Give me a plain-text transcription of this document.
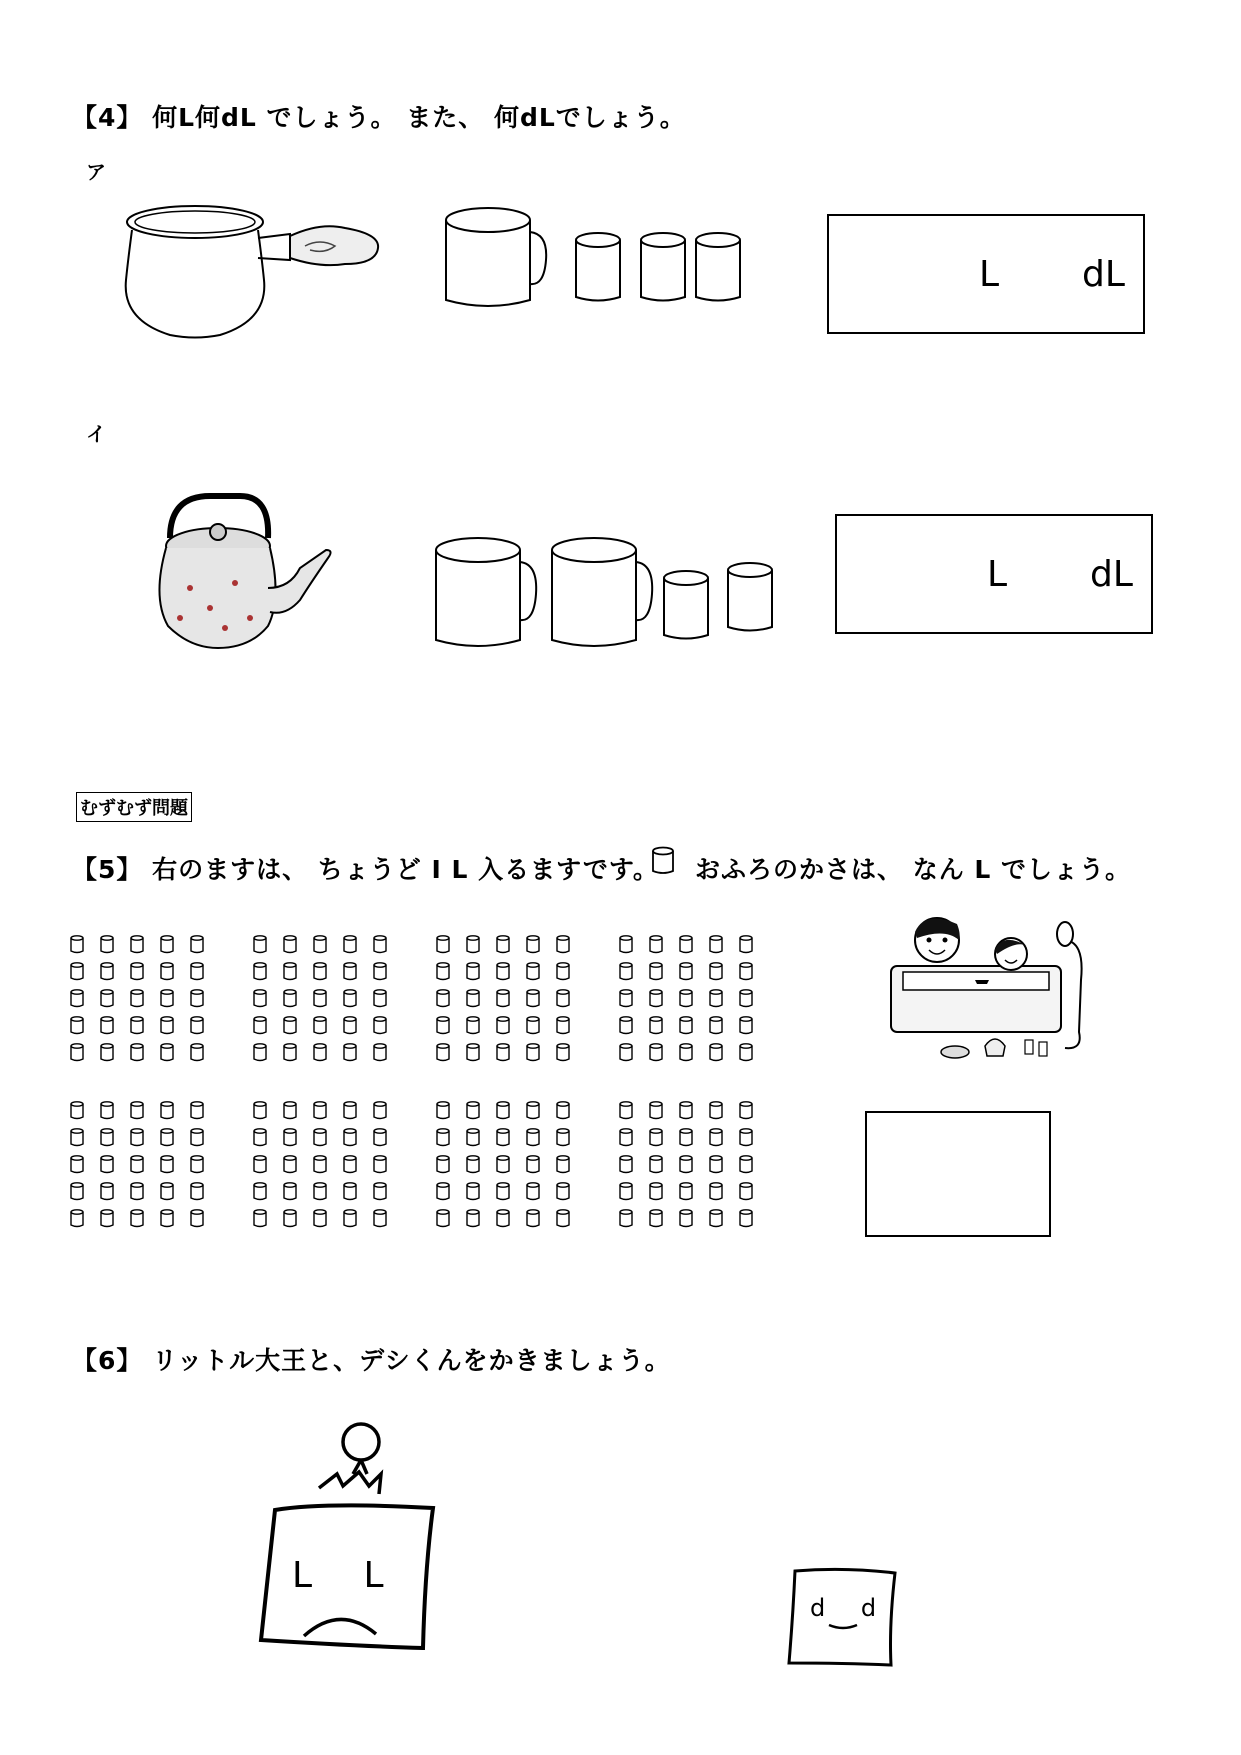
【4】 何L何dL でしょう。 また、 何dLでしょう。
ア
L dL
イ
L dL
むずむず問題
【5】 右のますは、 ちょうど I L 入るますです。 おふろのかさは、 なん L でしょう。
【6】 リットル大王と、デシくんをかきましょう。
L L
d d
